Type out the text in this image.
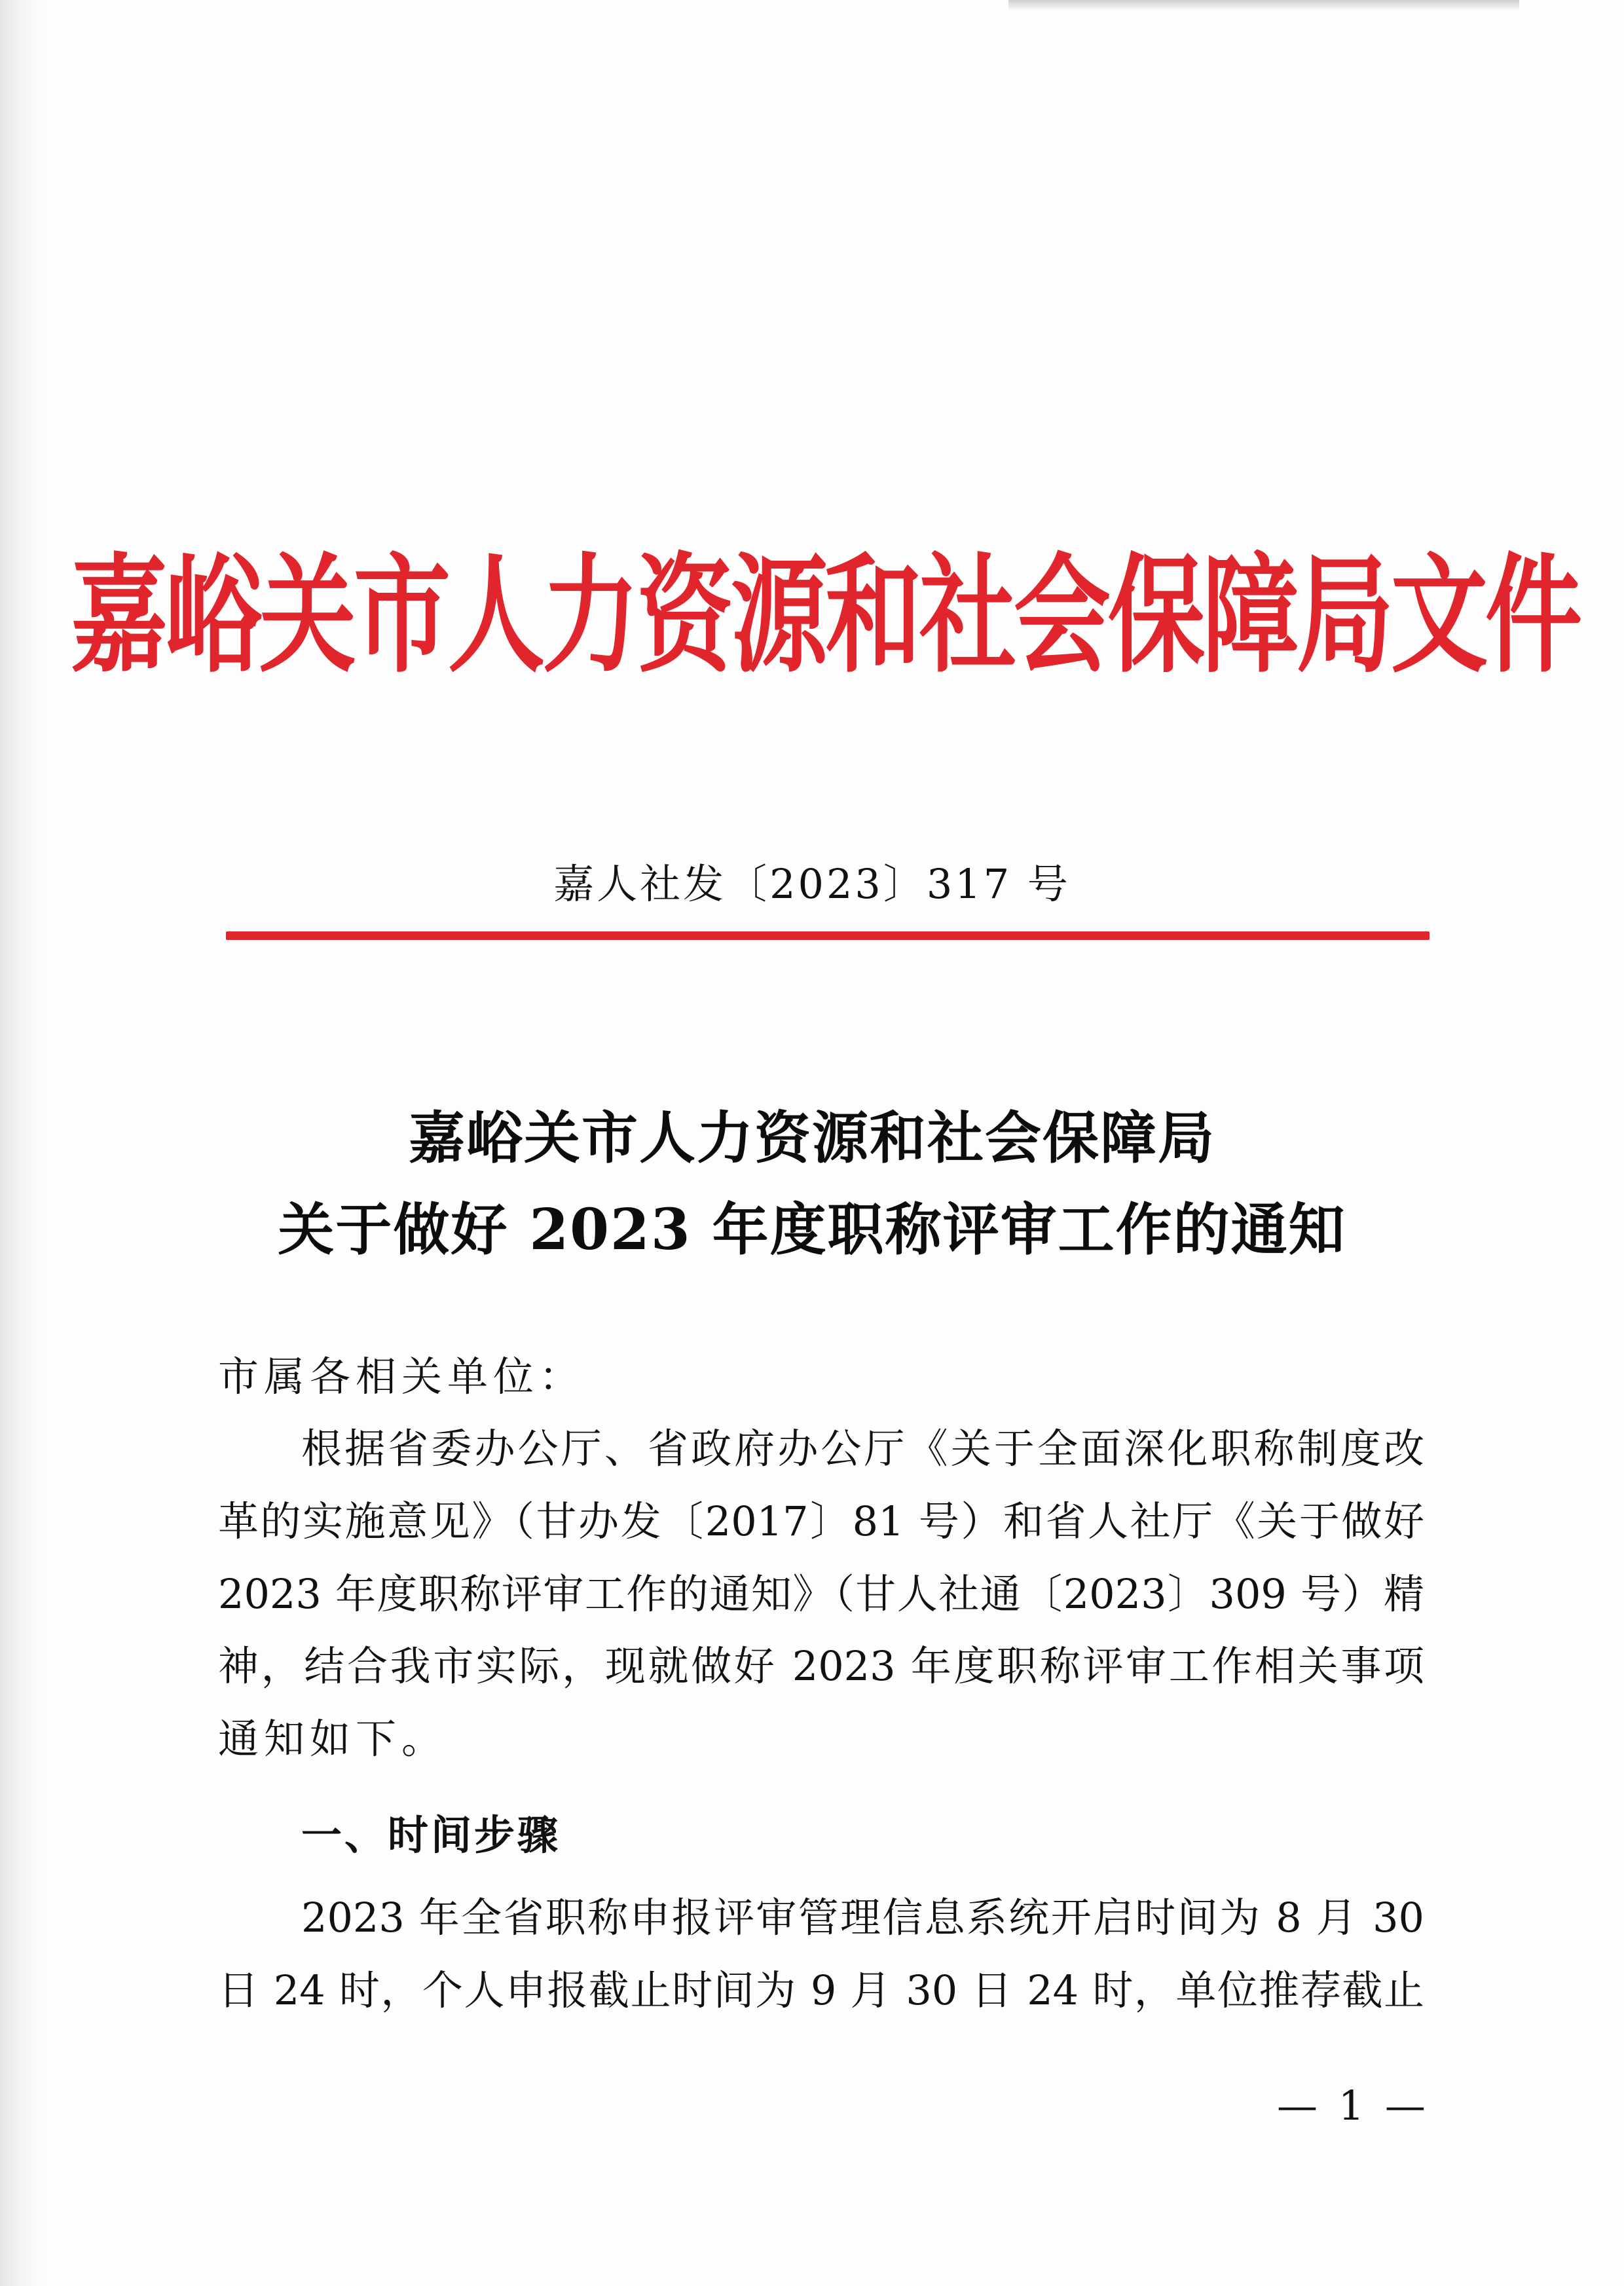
嘉峪关市人力资源和社会保障局文件
嘉人社发〔2023〕317 号
嘉峪关市人力资源和社会保障局
关于做好 2023 年度职称评审工作的通知
市属各相关单位：
根据省委办公厅、省政府办公厅《关于全面深化职称制度改
革的实施意见》（甘办发〔2017〕81 号）和省人社厅《关于做好
2023 年度职称评审工作的通知》（甘人社通〔2023〕309 号）精
神，结合我市实际，现就做好 2023 年度职称评审工作相关事项
通知如下。
一、时间步骤
2023 年全省职称申报评审管理信息系统开启时间为 8 月 30
日 24 时，个人申报截止时间为 9 月 30 日 24 时，单位推荐截止
— 1 —
